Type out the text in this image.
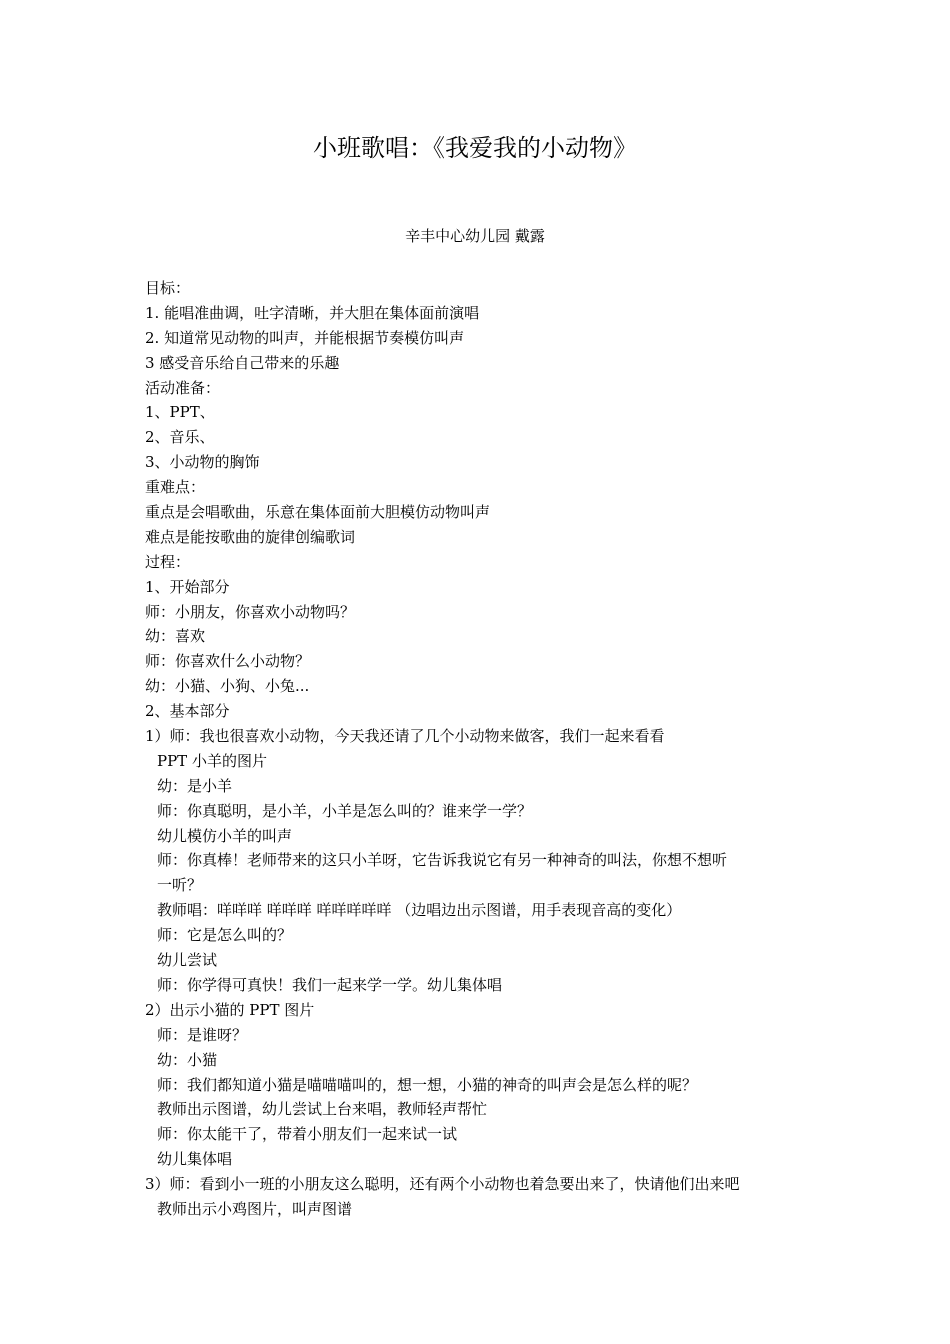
小班歌唱：《我爱我的小动物》
辛丰中心幼儿园 戴露
目标：
1. 能唱准曲调，吐字清晰，并大胆在集体面前演唱
2. 知道常见动物的叫声，并能根据节奏模仿叫声
3 感受音乐给自己带来的乐趣
活动准备：
1、PPT、
2、音乐、
3、小动物的胸饰
重难点：
重点是会唱歌曲，乐意在集体面前大胆模仿动物叫声
难点是能按歌曲的旋律创编歌词
过程：
1、开始部分
师：小朋友，你喜欢小动物吗？
幼：喜欢
师：你喜欢什么小动物？
幼：小猫、小狗、小兔...
2、基本部分
1）师：我也很喜欢小动物，今天我还请了几个小动物来做客，我们一起来看看
PPT 小羊的图片
幼：是小羊
师：你真聪明，是小羊，小羊是怎么叫的？谁来学一学？
幼儿模仿小羊的叫声
师：你真棒！老师带来的这只小羊呀，它告诉我说它有另一种神奇的叫法，你想不想听
一听？
教师唱：咩咩咩 咩咩咩 咩咩咩咩咩 （边唱边出示图谱，用手表现音高的变化）
师：它是怎么叫的？
幼儿尝试
师：你学得可真快！我们一起来学一学。幼儿集体唱
2）出示小猫的 PPT 图片
师：是谁呀？
幼：小猫
师：我们都知道小猫是喵喵喵叫的，想一想，小猫的神奇的叫声会是怎么样的呢？
教师出示图谱，幼儿尝试上台来唱，教师轻声帮忙
师：你太能干了，带着小朋友们一起来试一试
幼儿集体唱
3）师：看到小一班的小朋友这么聪明，还有两个小动物也着急要出来了，快请他们出来吧
教师出示小鸡图片，叫声图谱
